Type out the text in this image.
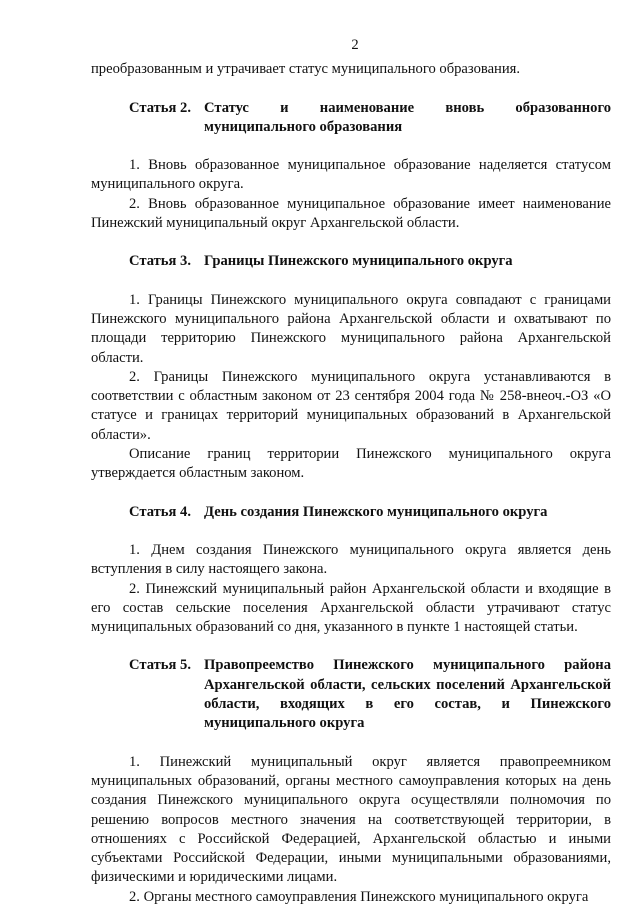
2

преобразованным и утрачивает статус муниципального образования.

Статья 2. Статус и наименование вновь образованного муниципального образования

1. Вновь образованное муниципальное образование наделяется статусом муниципального округа.

2. Вновь образованное муниципальное образование имеет наименование Пинежский муниципальный округ Архангельской области.

Статья 3. Границы Пинежского муниципального округа

1. Границы Пинежского муниципального округа совпадают с границами Пинежского муниципального района Архангельской области и охватывают по площади территорию Пинежского муниципального района Архангельской области.

2. Границы Пинежского муниципального округа устанавливаются в соответствии с областным законом от 23 сентября 2004 года № 258-внеоч.-ОЗ «О статусе и границах территорий муниципальных образований в Архангельской области».

Описание границ территории Пинежского муниципального округа утверждается областным законом.

Статья 4. День создания Пинежского муниципального округа

1. Днем создания Пинежского муниципального округа является день вступления в силу настоящего закона.

2. Пинежский муниципальный район Архангельской области и входящие в его состав сельские поселения Архангельской области утрачивают статус муниципальных образований со дня, указанного в пункте 1 настоящей статьи.

Статья 5. Правопреемство Пинежского муниципального района Архангельской области, сельских поселений Архангельской области, входящих в его состав, и Пинежского муниципального округа

1. Пинежский муниципальный округ является правопреемником муниципальных образований, органы местного самоуправления которых на день создания Пинежского муниципального округа осуществляли полномочия по решению вопросов местного значения на соответствующей территории, в отношениях с Российской Федерацией, Архангельской областью и иными субъектами Российской Федерации, иными муниципальными образованиями, физическими и юридическими лицами.

2. Органы местного самоуправления Пинежского муниципального округа
